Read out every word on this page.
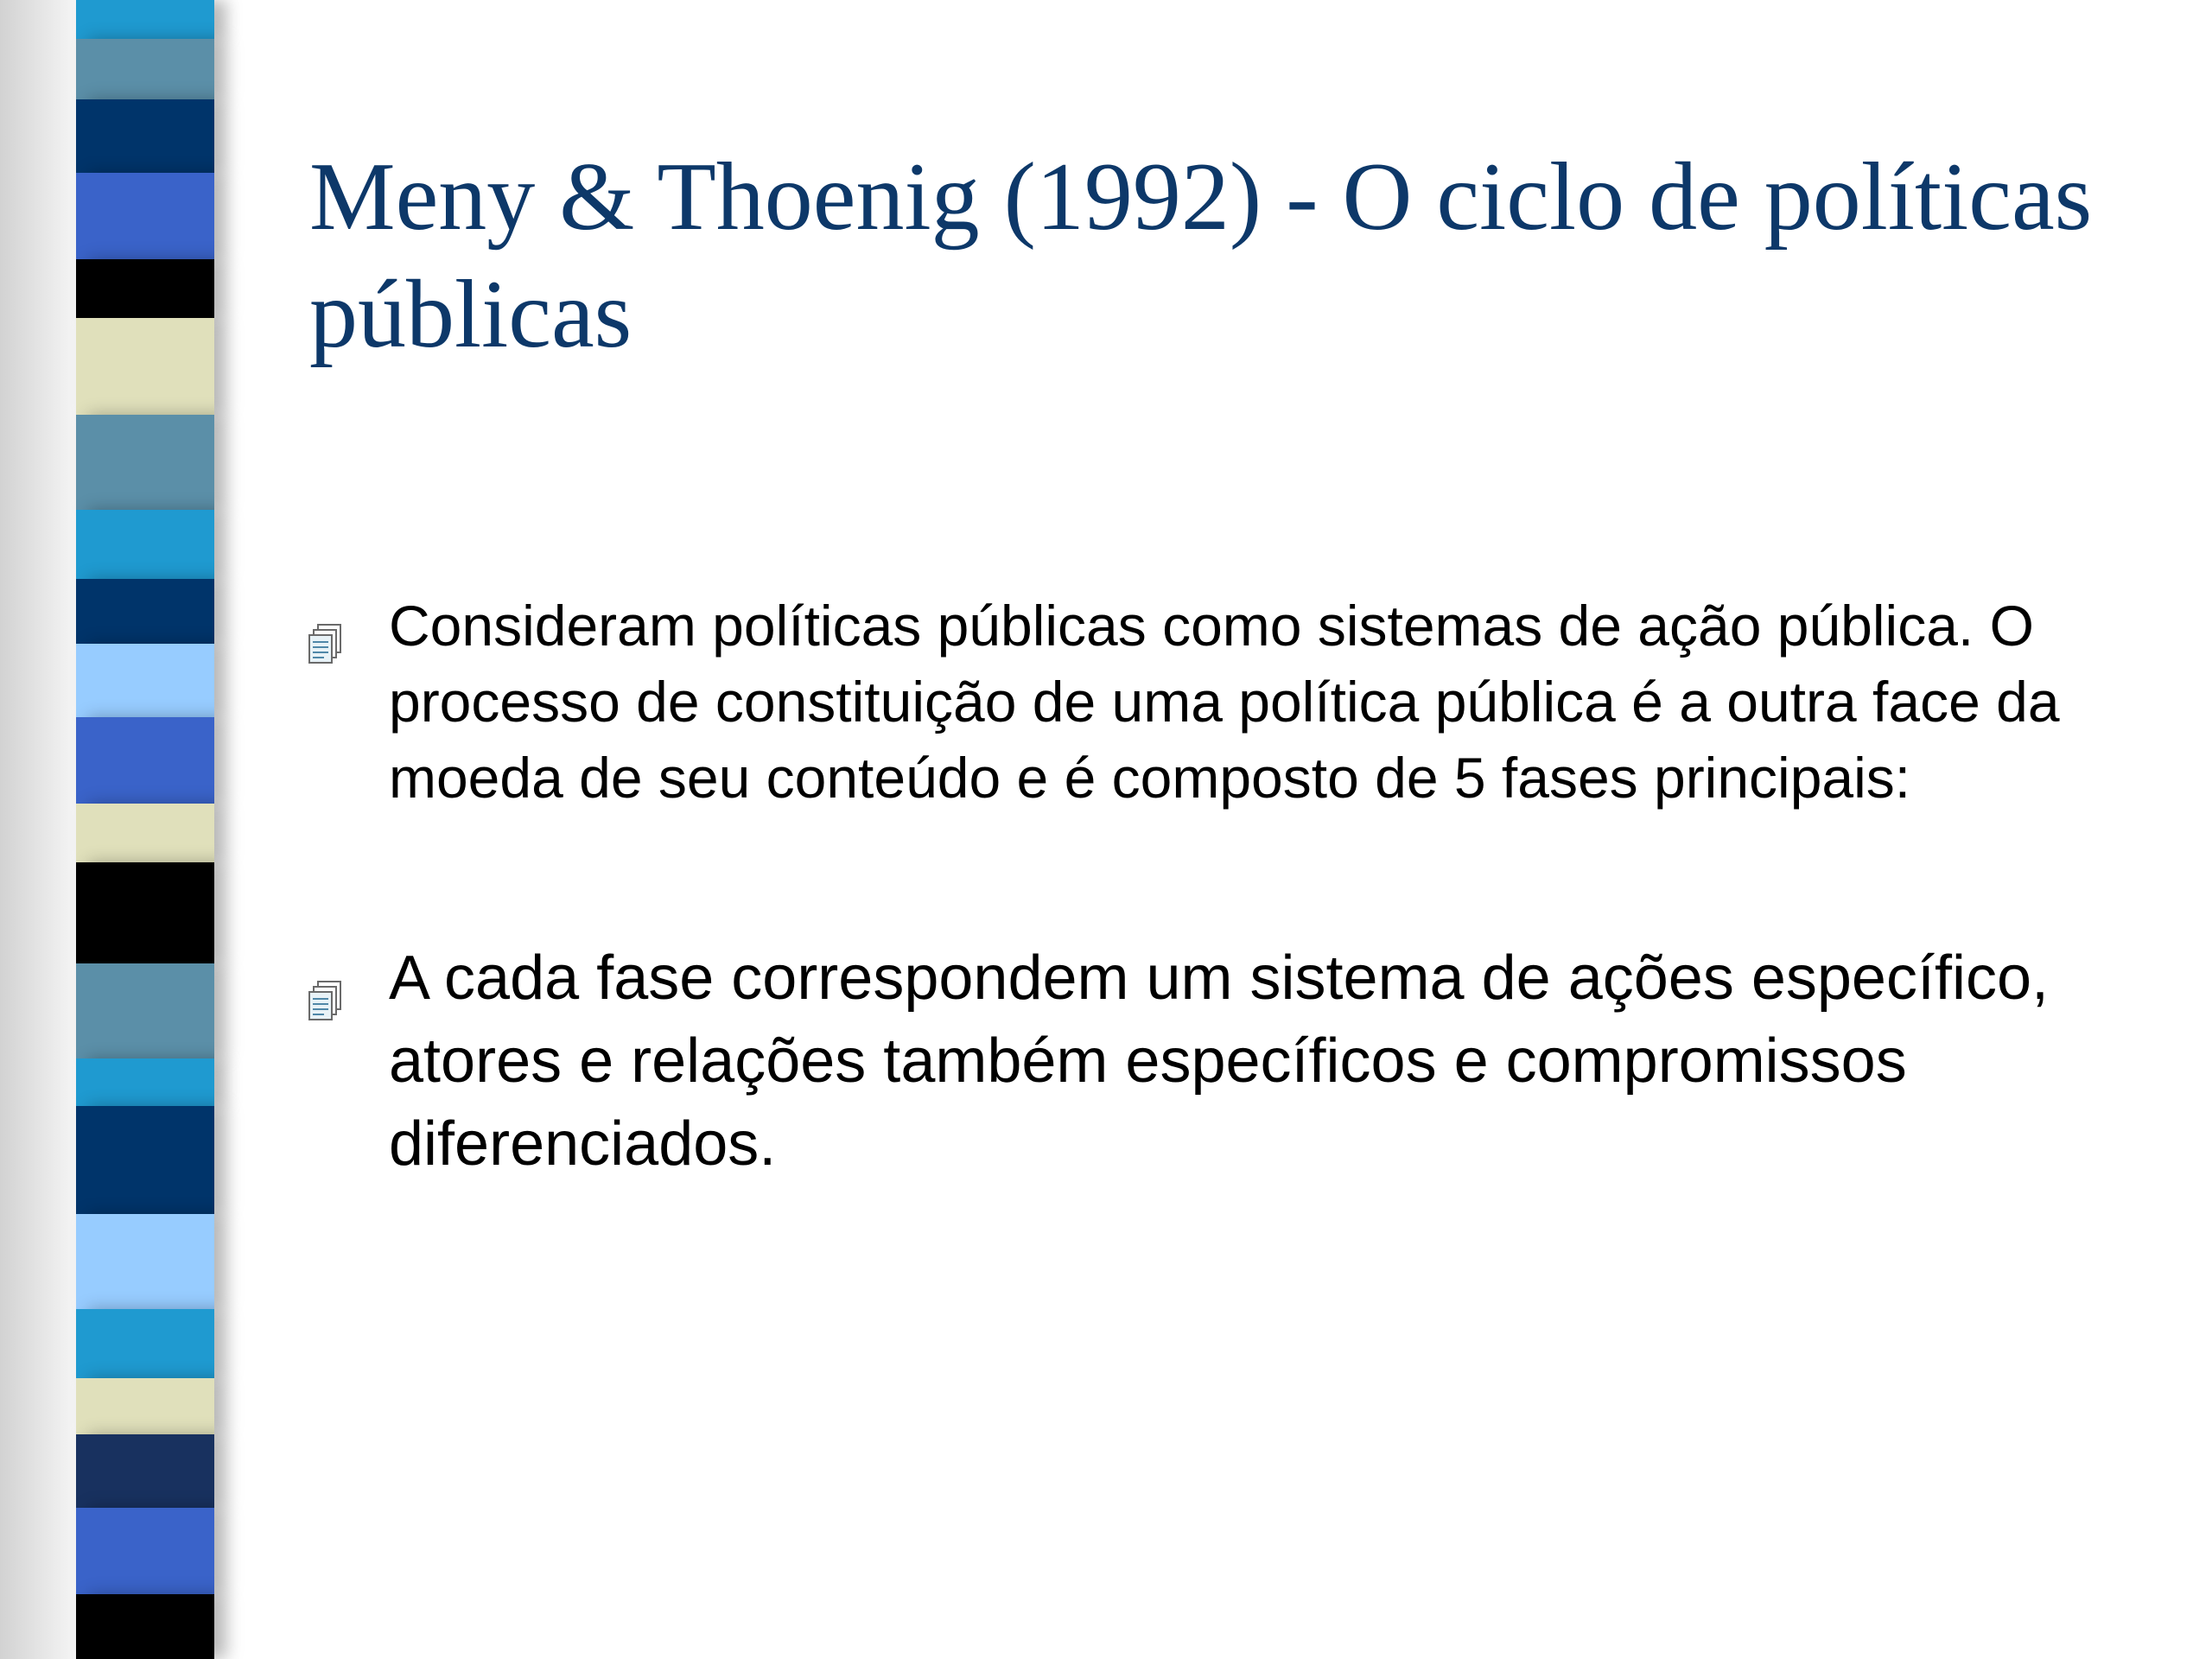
Meny & Thoenig (1992) - O ciclo de políticas públicas
Consideram políticas públicas como sistemas de ação pública. O processo de constituição de uma política pública é a outra face da moeda de seu conteúdo e é composto de 5 fases principais:
A cada fase correspondem um sistema de ações específico, atores e relações também específicos e compromissos diferenciados.
